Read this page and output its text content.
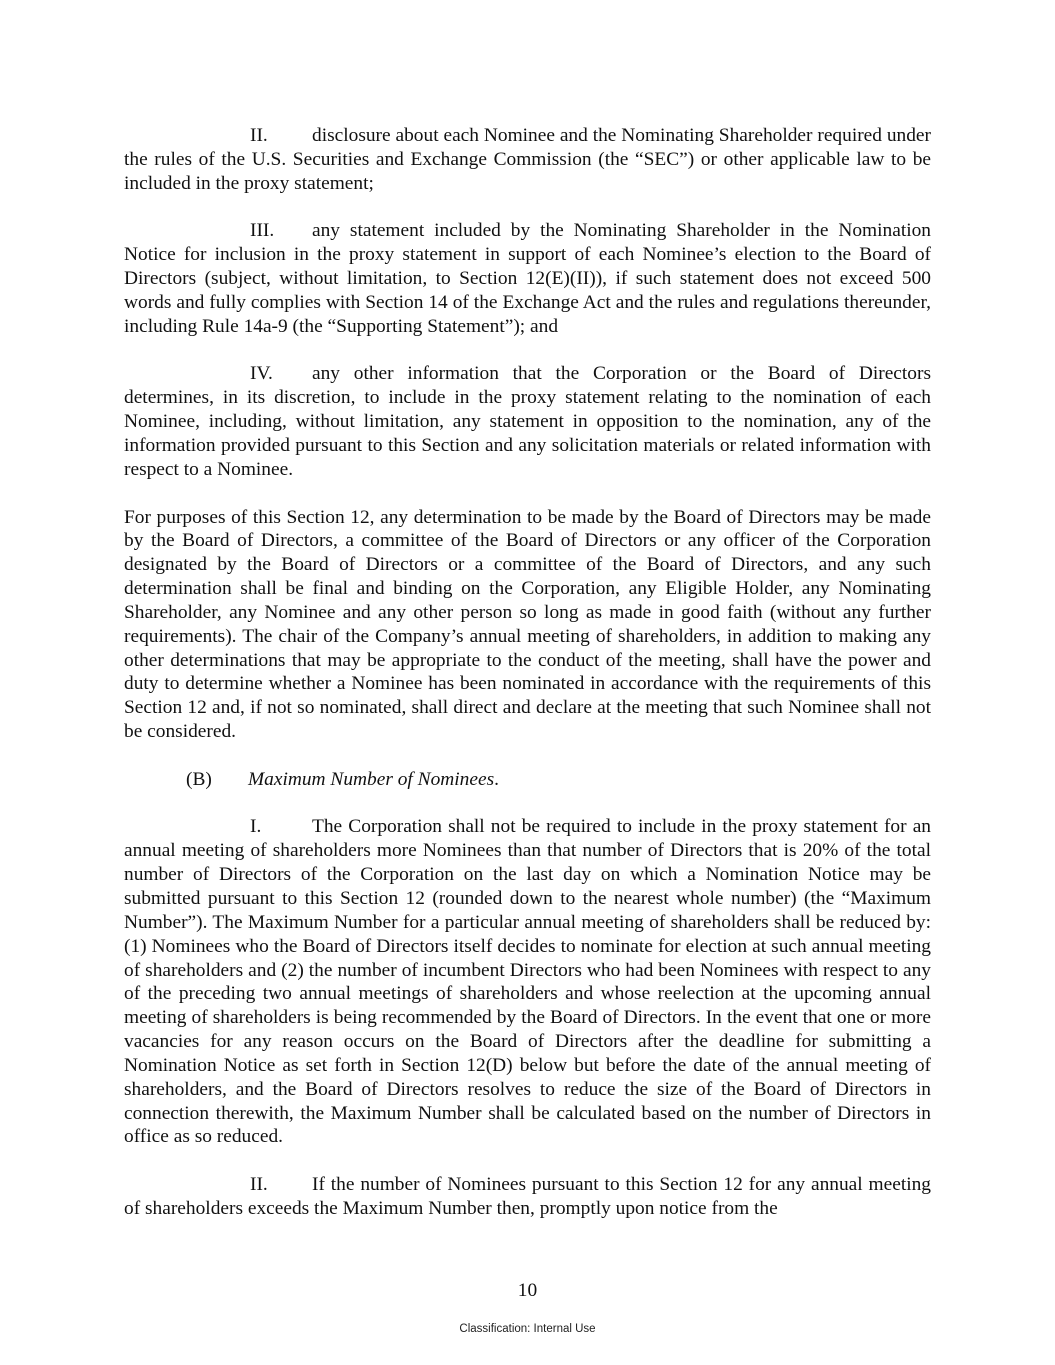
II. disclosure about each Nominee and the Nominating Shareholder required under the rules of the U.S. Securities and Exchange Commission (the “SEC”) or other applicable law to be included in the proxy statement;

III. any statement included by the Nominating Shareholder in the Nomination Notice for inclusion in the proxy statement in support of each Nominee’s election to the Board of Directors (subject, without limitation, to Section 12(E)(II)), if such statement does not exceed 500 words and fully complies with Section 14 of the Exchange Act and the rules and regulations thereunder, including Rule 14a-9 (the “Supporting Statement”); and

IV. any other information that the Corporation or the Board of Directors determines, in its discretion, to include in the proxy statement relating to the nomination of each Nominee, including, without limitation, any statement in opposition to the nomination, any of the information provided pursuant to this Section and any solicitation materials or related information with respect to a Nominee.

For purposes of this Section 12, any determination to be made by the Board of Directors may be made by the Board of Directors, a committee of the Board of Directors or any officer of the Corporation designated by the Board of Directors or a committee of the Board of Directors, and any such determination shall be final and binding on the Corporation, any Eligible Holder, any Nominating Shareholder, any Nominee and any other person so long as made in good faith (without any further requirements). The chair of the Company’s annual meeting of shareholders, in addition to making any other determinations that may be appropriate to the conduct of the meeting, shall have the power and duty to determine whether a Nominee has been nominated in accordance with the requirements of this Section 12 and, if not so nominated, shall direct and declare at the meeting that such Nominee shall not be considered.

(B) Maximum Number of Nominees.

I.	The Corporation shall not be required to include in the proxy statement for an annual meeting of shareholders more Nominees than that number of Directors that is 20% of the total number of Directors of the Corporation on the last day on which a Nomination Notice may be submitted pursuant to this Section 12 (rounded down to the nearest whole number) (the “Maximum Number”). The Maximum Number for a particular annual meeting of shareholders shall be reduced by: (1) Nominees who the Board of Directors itself decides to nominate for election at such annual meeting of shareholders and (2) the number of incumbent Directors who had been Nominees with respect to any of the preceding two annual meetings of shareholders and whose reelection at the upcoming annual meeting of shareholders is being recommended by the Board of Directors. In the event that one or more vacancies for any reason occurs on the Board of Directors after the deadline for submitting a Nomination Notice as set forth in Section 12(D) below but before the date of the annual meeting of shareholders, and the Board of Directors resolves to reduce the size of the Board of Directors in connection therewith, the Maximum Number shall be calculated based on the number of Directors in office as so reduced.

II. If the number of Nominees pursuant to this Section 12 for any annual meeting of shareholders exceeds the Maximum Number then, promptly upon notice from the

10
Classification: Internal Use
